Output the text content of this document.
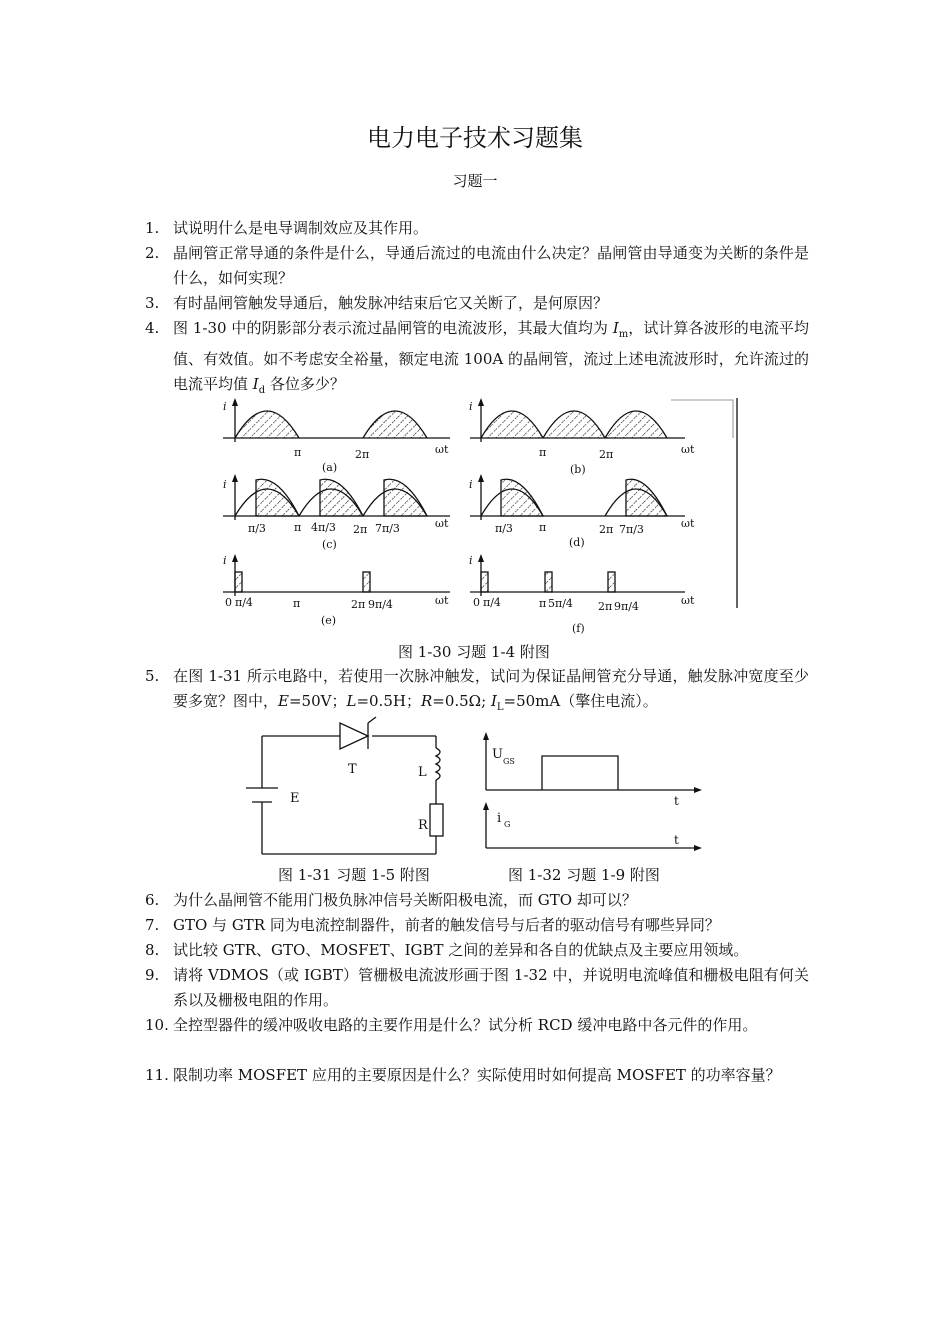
电力电子技术习题集
习题一
1. 试说明什么是电导调制效应及其作用。
2. 晶闸管正常导通的条件是什么，导通后流过的电流由什么决定？晶闸管由导通变为关断的条件是什么，如何实现？
3. 有时晶闸管触发导通后，触发脉冲结束后它又关断了，是何原因？
4. 图 1-30 中的阴影部分表示流过晶闸管的电流波形，其最大值均为 $I_m$，试计算各波形的电流平均值、有效值。如不考虑安全裕量，额定电流 100A 的晶闸管，流过上述电流波形时，允许流过的电流平均值 $I_d$ 各位多少？
i	i
i	i
i	i
ωt	ωt
ωt	ωt
ωt	ωt
π	2π
(a)
π	2π
(b)
π/3	π 4π/3 2π 7π/3
(c)
π/3 π	2π 7π/3
(d)
0 π/4	π	2π 9π/4
(e)
0 π/4	π 5π/4 2π 9π/4
(f)
图 1-30 习题 1-4 附图
5. 在图 1-31 所示电路中，若使用一次脉冲触发，试问为保证晶闸管充分导通，触发脉冲宽度至少要多宽？图中，E=50V；L=0.5H；R=0.5Ω; $I_L=50mA$（擎住电流）。
T	L
E
R
U GS
t
i G
t
图 1-31 习题 1-5 附图	图 1-32 习题 1-9 附图
6. 为什么晶闸管不能用门极负脉冲信号关断阳极电流，而 GTO 却可以？
7. GTO 与 GTR 同为电流控制器件，前者的触发信号与后者的驱动信号有哪些异同？
8. 试比较 GTR、GTO、MOSFET、IGBT 之间的差异和各自的优缺点及主要应用领域。
9. 请将 VDMOS（或 IGBT）管栅极电流波形画于图 1-32 中，并说明电流峰值和栅极电阻有何关系以及栅极电阻的作用。
10. 全控型器件的缓冲吸收电路的主要作用是什么？试分析 RCD 缓冲电路中各元件的作用。
11. 限制功率 MOSFET 应用的主要原因是什么？实际使用时如何提高 MOSFET 的功率容量？
